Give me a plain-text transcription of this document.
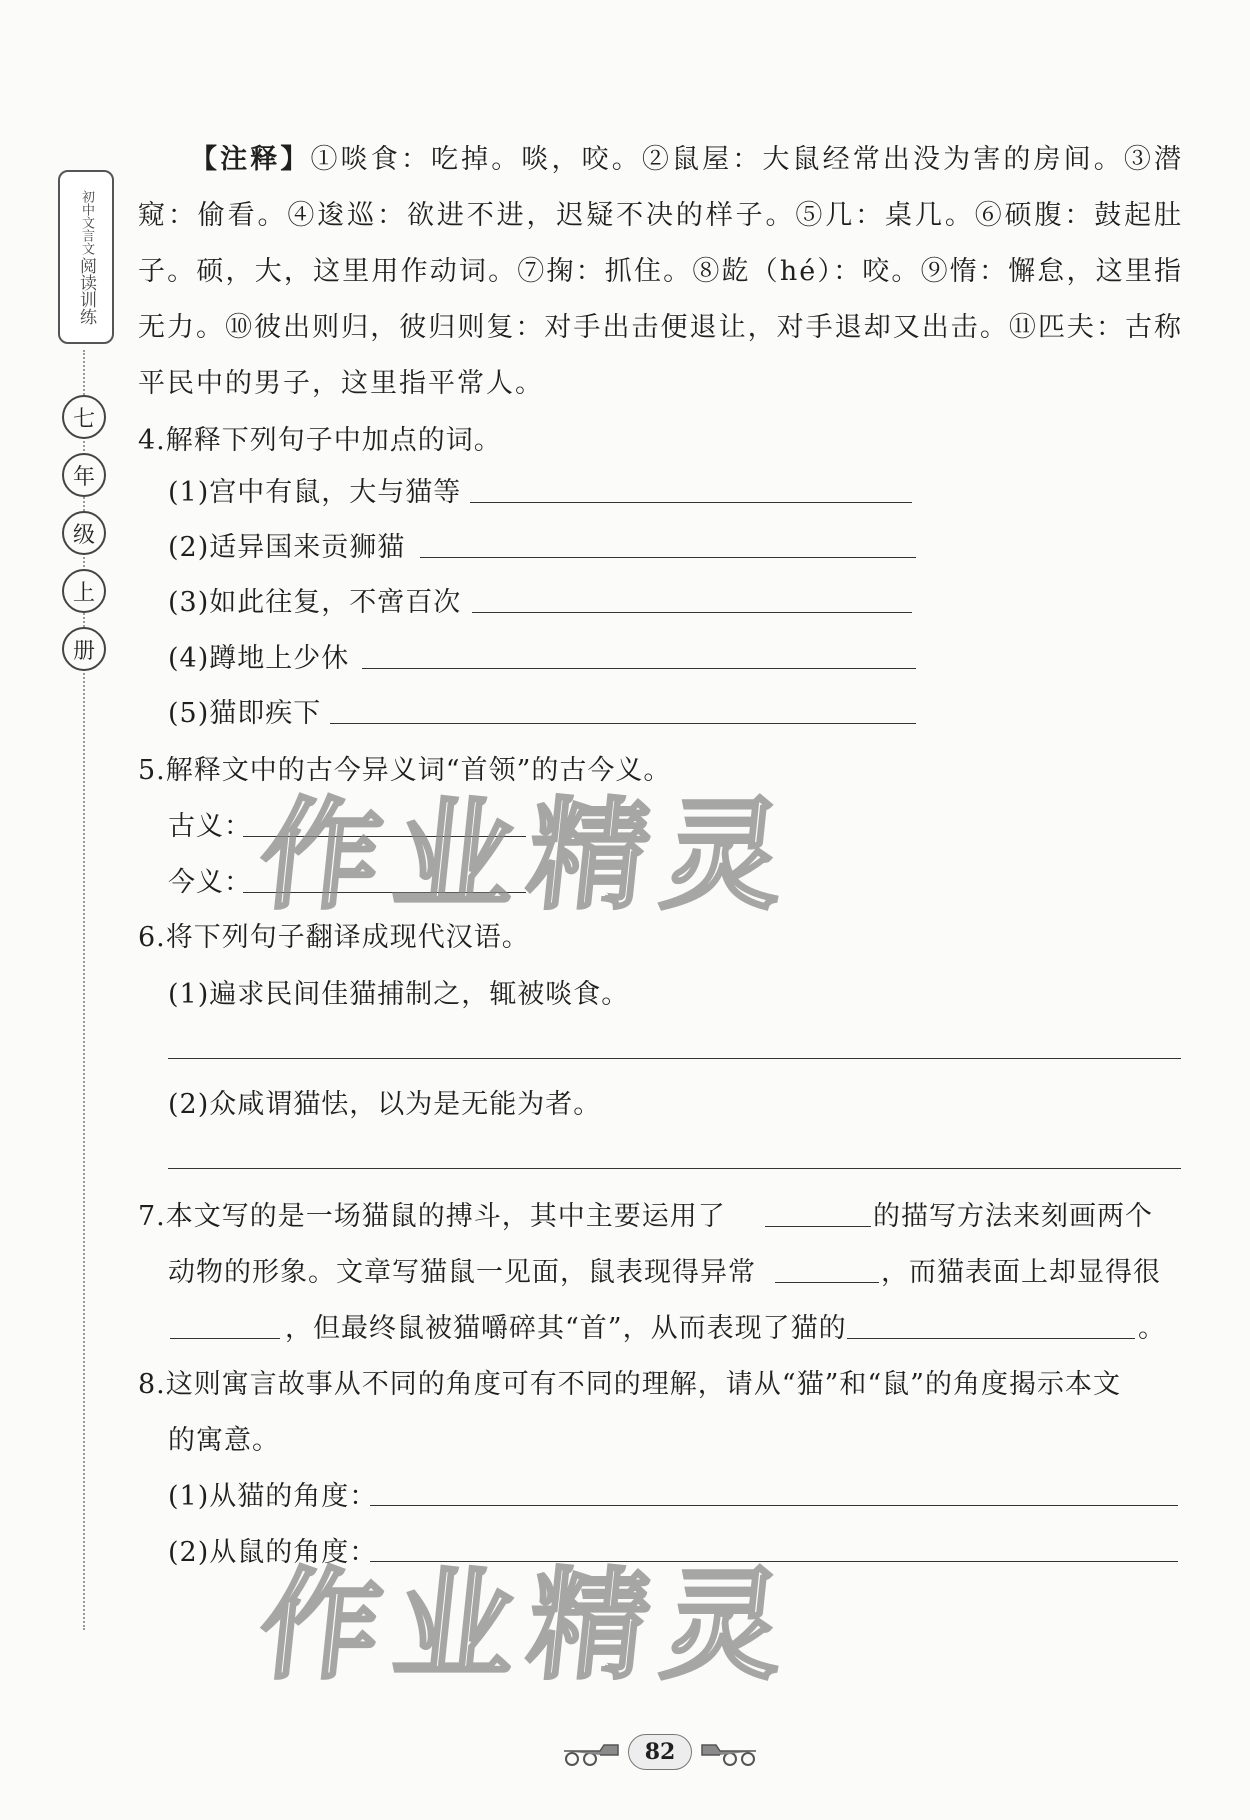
初中文言文
阅读训练
七
年
级
上
册
【注释】①啖食：吃掉。啖，咬。②鼠屋：大鼠经常出没为害的房间。③潜窥：偷看。④逡巡：欲进不进，迟疑不决的样子。⑤几：桌几。⑥硕腹：鼓起肚子。硕，大，这里用作动词。⑦掬：抓住。⑧龁（hé）：咬。⑨惰：懈怠，这里指无力。⑩彼出则归，彼归则复：对手出击便退让，对手退却又出击。⑪匹夫：古称平民中的男子，这里指平常人。
4.解释下列句子中加点的词。
(1)宫中有鼠，大与猫等
(2)适异国来贡狮猫
(3)如此往复，不啻百次
(4)蹲地上少休
(5)猫即疾下
5.解释文中的古今异义词“首领”的古今义。
古义：
今义：
6.将下列句子翻译成现代汉语。
(1)遍求民间佳猫捕制之，辄被啖食。
(2)众咸谓猫怯，以为是无能为者。
7.本文写的是一场猫鼠的搏斗，其中主要运用了	的描写方法来刻画两个
动物的形象。文章写猫鼠一见面，鼠表现得异常	，而猫表面上却显得很
，但最终鼠被猫嚼碎其“首”，从而表现了猫的	。
8.这则寓言故事从不同的角度可有不同的理解，请从“猫”和“鼠”的角度揭示本文
的寓意。
(1)从猫的角度：
(2)从鼠的角度：
作业精灵
作业精灵
82
